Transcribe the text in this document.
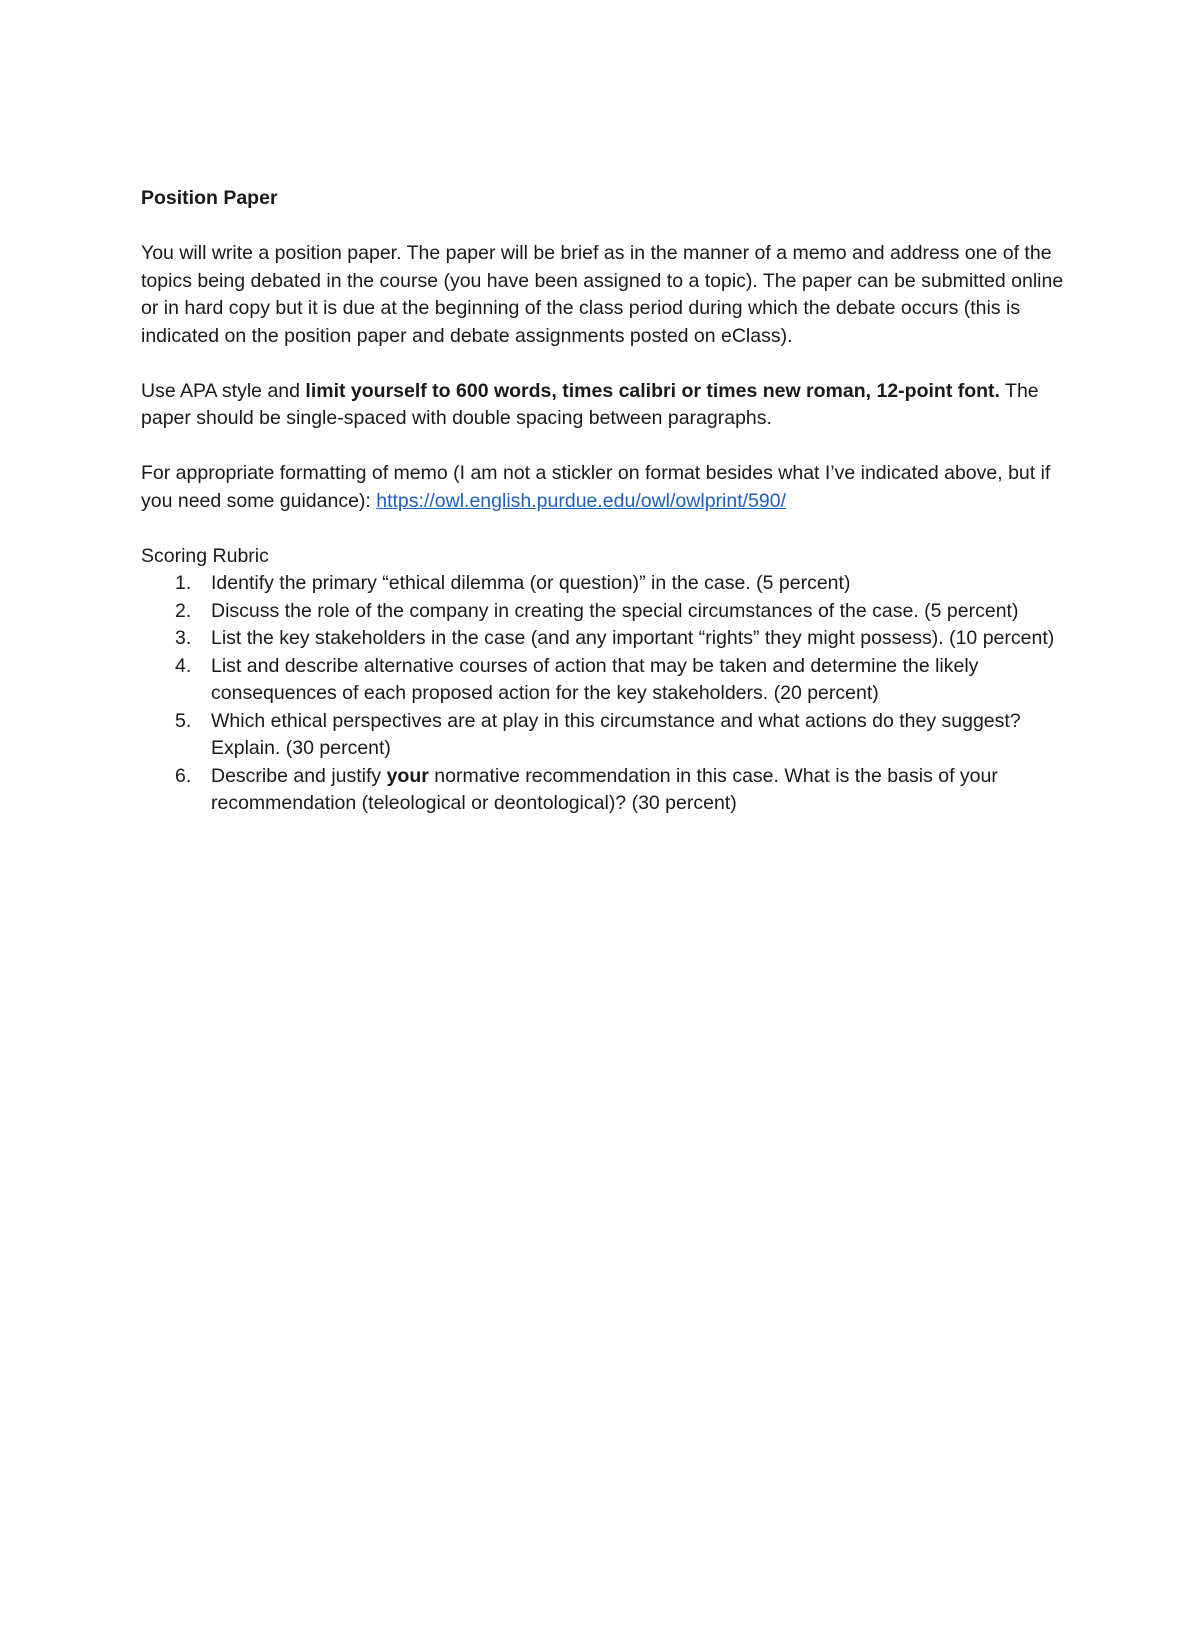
Position Paper

You will write a position paper. The paper will be brief as in the manner of a memo and address one of the topics being debated in the course (you have been assigned to a topic). The paper can be submitted online or in hard copy but it is due at the beginning of the class period during which the debate occurs (this is indicated on the position paper and debate assignments posted on eClass).

Use APA style and limit yourself to 600 words, times calibri or times new roman, 12-point font. The paper should be single-spaced with double spacing between paragraphs.

For appropriate formatting of memo (I am not a stickler on format besides what I’ve indicated above, but if you need some guidance): https://owl.english.purdue.edu/owl/owlprint/590/

Scoring Rubric

1. Identify the primary “ethical dilemma (or question)” in the case. (5 percent)
2. Discuss the role of the company in creating the special circumstances of the case. (5 percent)
3. List the key stakeholders in the case (and any important “rights” they might possess). (10 percent)
4. List and describe alternative courses of action that may be taken and determine the likely consequences of each proposed action for the key stakeholders. (20 percent)
5. Which ethical perspectives are at play in this circumstance and what actions do they suggest? Explain. (30 percent)
6. Describe and justify your normative recommendation in this case. What is the basis of your recommendation (teleological or deontological)? (30 percent)
